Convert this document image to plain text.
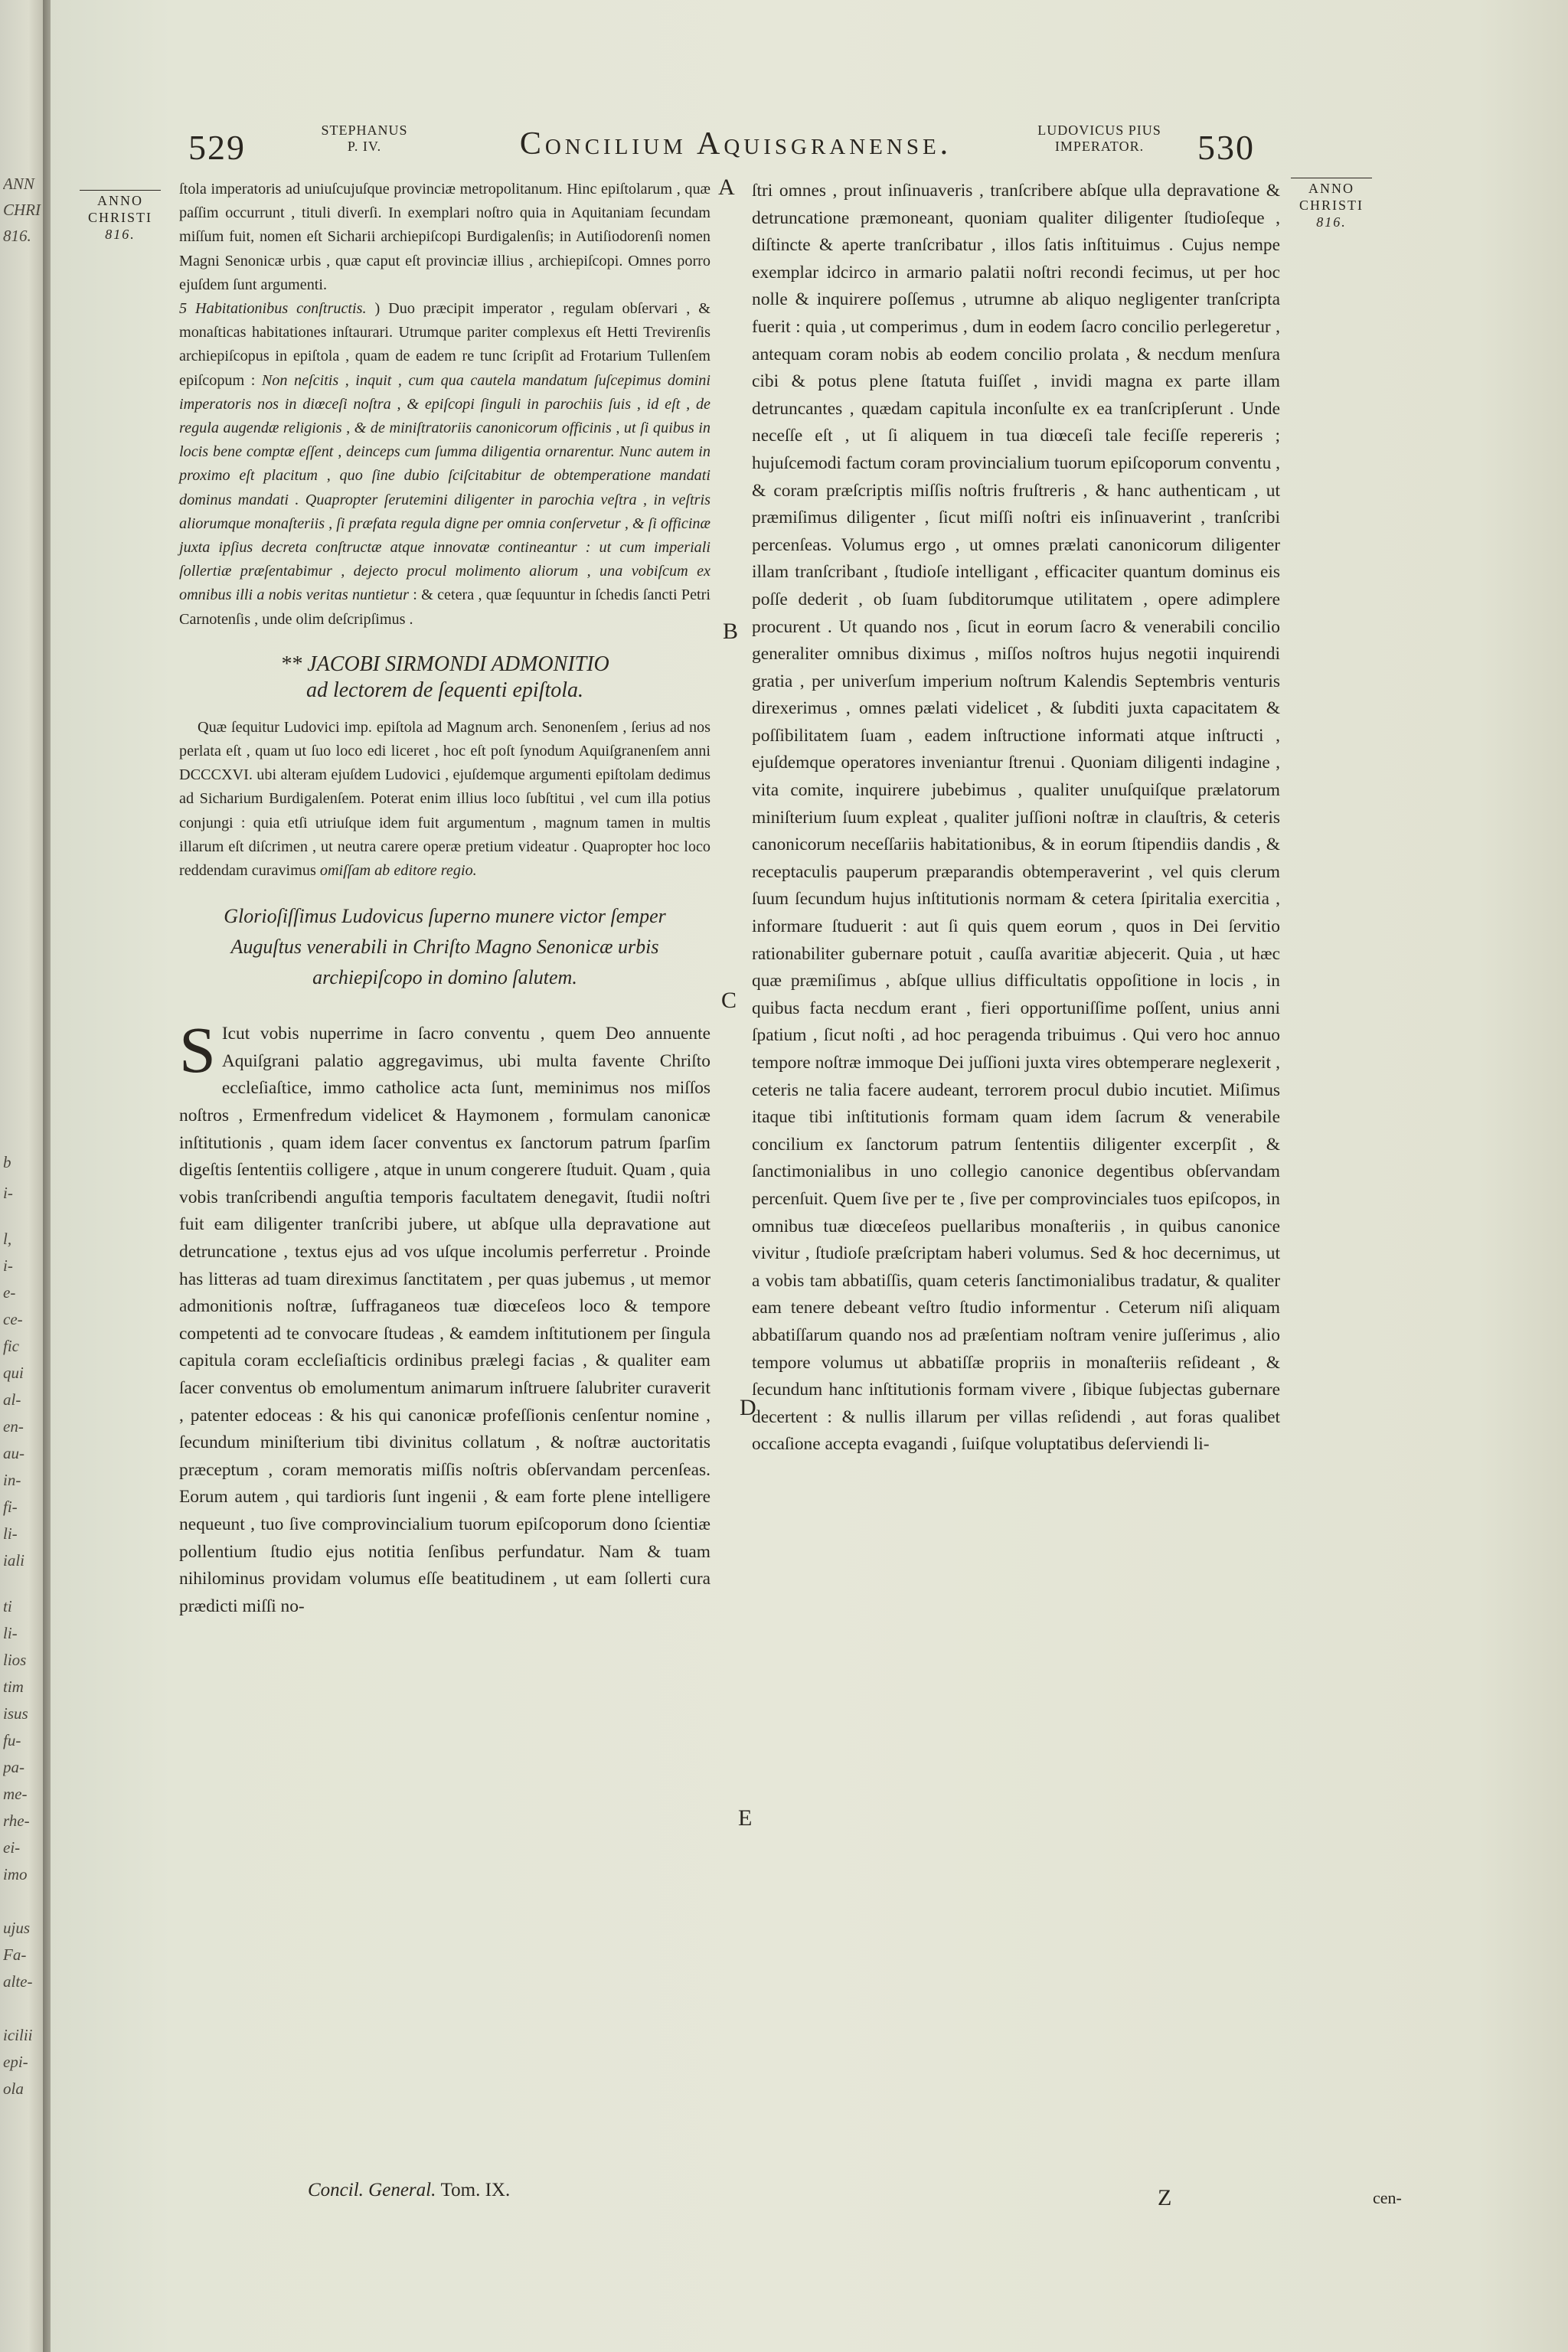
ANN
CHRI
816.
b
i-
l,
i-
e-
ce-
fic
qui
al-
en-
au-
in-
fi-
li-
iali
ti
li-
lios
tim
isus
fu-
pa-
me-
rhe-
ei-
imo
ujus
Fa-
alte-
icilii
epi-
ola
529	STEPHANUS
P. IV.	Concilium Aquisgranense.	LUDOVICUS PIUS
IMPERATOR.	530
ANNO
CHRISTI
816.
ANNO
CHRISTI
816.
A
B
C
D
E

ſtola imperatoris ad uniuſcujuſque provinciæ metropolitanum. Hinc epiſtolarum , quæ paſſim occurrunt , tituli diverſi. In exemplari noſtro quia in Aquitaniam ſecundam miſſum fuit, nomen eſt Sicharii archiepiſcopi Burdigalenſis; in Autiſiodorenſi nomen Magni Senonicæ urbis , quæ caput eſt provinciæ illius , archiepiſcopi. Omnes porro ejuſdem ſunt argumenti.

5 Habitationibus conſtructis. ) Duo præcipit imperator , regulam obſervari , & monaſticas habitationes inſtaurari. Utrumque pariter complexus eſt Hetti Trevirenſis archiepiſcopus in epiſtola , quam de eadem re tunc ſcripſit ad Frotarium Tullenſem epiſcopum : Non neſcitis , inquit , cum qua cautela mandatum ſuſcepimus domini imperatoris nos in diœceſi noſtra , & epiſcopi ſinguli in parochiis ſuis , id eſt , de regula augendæ religionis , & de miniſtratoriis canonicorum officinis , ut ſi quibus in locis bene comptæ eſſent , deinceps cum ſumma diligentia ornarentur. Nunc autem in proximo eſt placitum , quo ſine dubio ſciſcitabitur de obtemperatione mandati dominus mandati . Quapropter ſerutemini diligenter in parochia veſtra , in veſtris aliorumque monaſteriis , ſi præfata regula digne per omnia conſervetur , & ſi officinæ juxta ipſius decreta conſtructæ atque innovatæ contineantur : ut cum imperiali ſollertiæ præſentabimur , dejecto procul molimento aliorum , una vobiſcum ex omnibus illi a nobis veritas nuntietur : & cetera , quæ ſequuntur in ſchedis ſancti Petri Carnotenſis , unde olim deſcripſimus .

** JACOBI SIRMONDI ADMONITIO
ad lectorem de ſequenti epiſtola.

Quæ ſequitur Ludovici imp. epiſtola ad Magnum arch. Senonenſem , ſerius ad nos perlata eſt , quam ut ſuo loco edi liceret , hoc eſt poſt ſynodum Aquiſgranenſem anni DCCCXVI. ubi alteram ejuſdem Ludovici , ejuſdemque argumenti epiſtolam dedimus ad Sicharium Burdigalenſem. Poterat enim illius loco ſubſtitui , vel cum illa potius conjungi : quia etſi utriuſque idem fuit argumentum , magnum tamen in multis illarum eſt diſcrimen , ut neutra carere operæ pretium videatur . Quapropter hoc loco reddendam curavimus omiſſam ab editore regio.

Glorioſiſſimus Ludovicus ſuperno munere victor ſemper Auguſtus venerabili in Chriſto Magno Senonicæ urbis archiepiſcopo in domino ſalutem.

S Icut vobis nuperrime in ſacro conventu , quem Deo annuente Aquiſgrani palatio aggregavimus, ubi multa favente Chriſto eccleſiaſtice, immo catholice acta ſunt, meminimus nos miſſos noſtros , Ermenfredum videlicet & Haymonem , formulam canonicæ inſtitutionis , quam idem ſacer conventus ex ſanctorum patrum ſparſim digeſtis ſententiis colligere , atque in unum congerere ſtuduit. Quam , quia vobis tranſcribendi anguſtia temporis facultatem denegavit, ſtudii noſtri fuit eam diligenter tranſcribi jubere, ut abſque ulla depravatione aut detruncatione , textus ejus ad vos uſque incolumis perferretur . Proinde has litteras ad tuam direximus ſanctitatem , per quas jubemus , ut memor admonitionis noſtræ, ſuffraganeos tuæ diœceſeos loco & tempore competenti ad te convocare ſtudeas , & eamdem inſtitutionem per ſingula capitula coram eccleſiaſticis ordinibus prælegi facias , & qualiter eam ſacer conventus ob emolumentum animarum inſtruere ſalubriter curaverit , patenter edoceas : & his qui canonicæ profeſſionis cenſentur nomine , ſecundum miniſterium tibi divinitus collatum , & noſtræ auctoritatis præceptum , coram memoratis miſſis noſtris obſervandam percenſeas. Eorum autem , qui tardioris ſunt ingenii , & eam forte plene intelligere nequeunt , tuo ſive comprovincialium tuorum epiſcoporum dono ſcientiæ pollentium ſtudio ejus notitia ſenſibus perfundatur. Nam & tuam nihilominus providam volumus eſſe beatitudinem , ut eam ſollerti cura prædicti miſſi no-

ſtri omnes , prout inſinuaveris , tranſcribere abſque ulla depravatione & detruncatione præmoneant, quoniam qualiter diligenter ſtudioſeque , diſtincte & aperte tranſcribatur , illos ſatis inſtituimus . Cujus nempe exemplar idcirco in armario palatii noſtri recondi fecimus, ut per hoc nolle & inquirere poſſemus , utrumne ab aliquo negligenter tranſcripta fuerit : quia , ut comperimus , dum in eodem ſacro concilio perlegeretur , antequam coram nobis ab eodem concilio prolata , & necdum menſura cibi & potus plene ſtatuta fuiſſet , invidi magna ex parte illam detruncantes , quædam capitula inconſulte ex ea tranſcripſerunt . Unde neceſſe eſt , ut ſi aliquem in tua diœceſi tale feciſſe repereris ; hujuſcemodi factum coram provincialium tuorum epiſcoporum conventu , & coram præſcriptis miſſis noſtris fruſtreris , & hanc authenticam , ut præmiſimus diligenter , ſicut miſſi noſtri eis inſinuaverint , tranſcribi percenſeas. Volumus ergo , ut omnes prælati canonicorum diligenter illam tranſcribant , ſtudioſe intelligant , efficaciter quantum dominus eis poſſe dederit , ob ſuam ſubditorumque utilitatem , opere adimplere procurent . Ut quando nos , ſicut in eorum ſacro & venerabili concilio generaliter omnibus diximus , miſſos noſtros hujus negotii inquirendi gratia , per univerſum imperium noſtrum Kalendis Septembris venturis direxerimus , omnes pælati videlicet , & ſubditi juxta capacitatem & poſſibilitatem ſuam , eadem inſtructione informati atque inſtructi , ejuſdemque operatores inveniantur ſtrenui . Quoniam diligenti indagine , vita comite, inquirere jubebimus , qualiter unuſquiſque prælatorum miniſterium ſuum expleat , qualiter juſſioni noſtræ in clauſtris, & ceteris canonicorum neceſſariis habitationibus, & in eorum ſtipendiis dandis , & receptaculis pauperum præparandis obtemperaverint , vel quis clerum ſuum ſecundum hujus inſtitutionis normam & cetera ſpiritalia exercitia , informare ſtuduerit : aut ſi quis quem eorum , quos in Dei ſervitio rationabiliter gubernare potuit , cauſſa avaritiæ abjecerit. Quia , ut hæc quæ præmiſimus , abſque ullius difficultatis oppoſitione in locis , in quibus facta necdum erant , fieri opportuniſſime poſſent, unius anni ſpatium , ſicut noſti , ad hoc peragenda tribuimus . Qui vero hoc annuo tempore noſtræ immoque Dei juſſioni juxta vires obtemperare neglexerit , ceteris ne talia facere audeant, terrorem procul dubio incutiet. Miſimus itaque tibi inſtitutionis formam quam idem ſacrum & venerabile concilium ex ſanctorum patrum ſententiis diligenter excerpſit , & ſanctimonialibus in uno collegio canonice degentibus obſervandam percenſuit. Quem ſive per te , ſive per comprovinciales tuos epiſcopos, in omnibus tuæ diœceſeos puellaribus monaſteriis , in quibus canonice vivitur , ſtudioſe præſcriptam haberi volumus. Sed & hoc decernimus, ut a vobis tam abbatiſſis, quam ceteris ſanctimonialibus tradatur, & qualiter eam tenere debeant veſtro ſtudio informentur . Ceterum niſi aliquam abbatiſſarum quando nos ad præſentiam noſtram venire juſſerimus , alio tempore volumus ut abbatiſſæ propriis in monaſteriis reſideant , & ſecundum hanc inſtitutionis formam vivere , ſibique ſubjectas gubernare decertent : & nullis illarum per villas reſidendi , aut foras qualibet occaſione accepta evagandi , ſuiſque voluptatibus deſerviendi li-

Concil. General. Tom. IX.	Z	cen-
